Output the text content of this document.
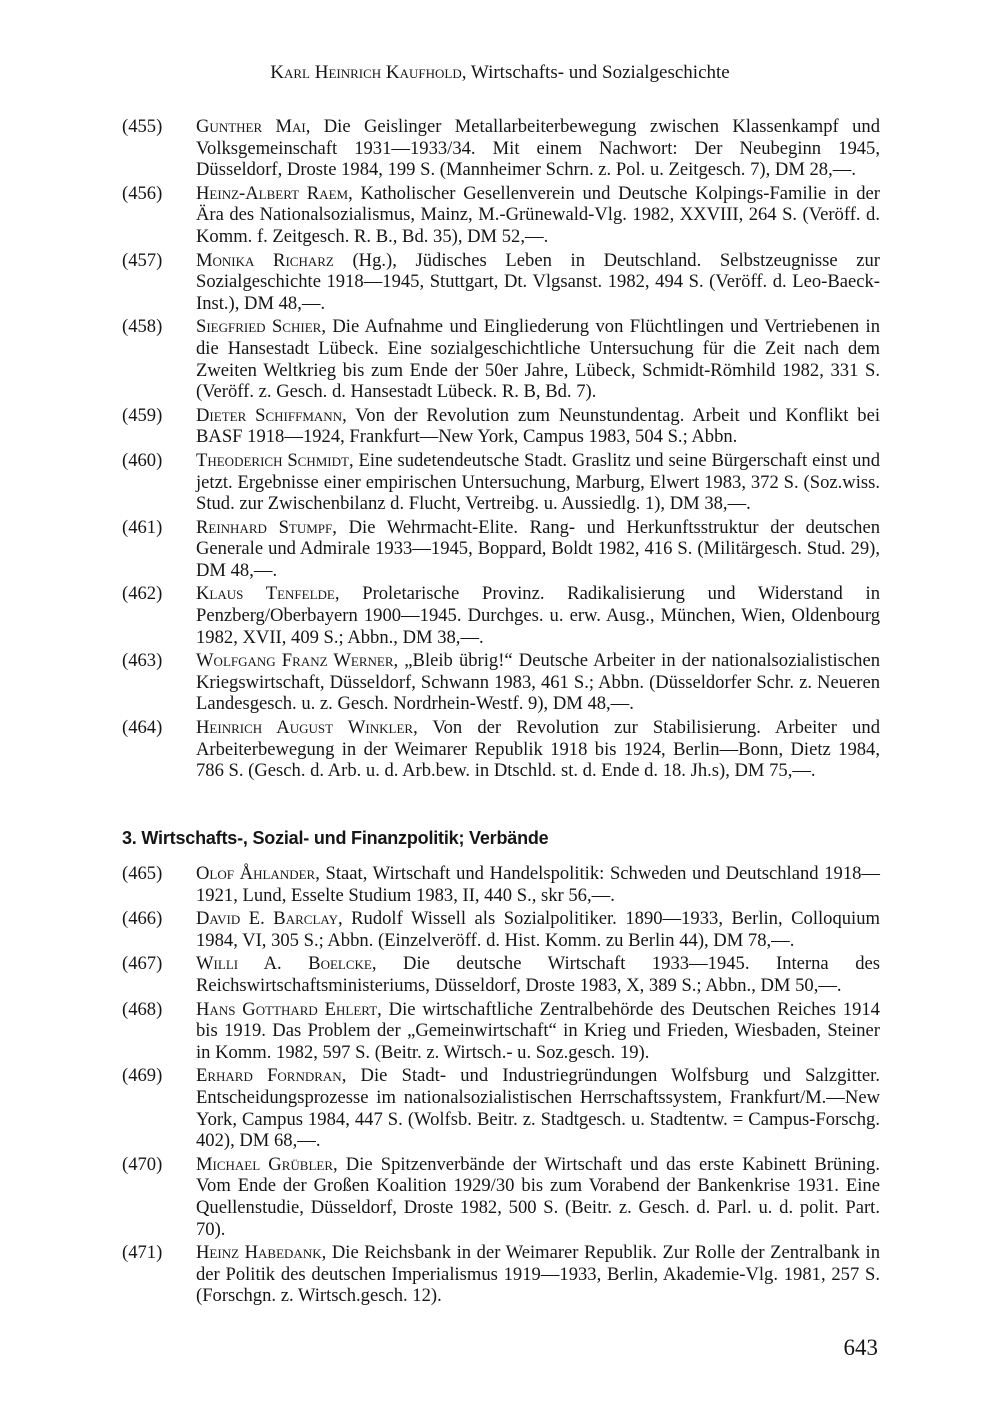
Karl Heinrich Kaufhold, Wirtschafts- und Sozialgeschichte

(455) Gunther Mai, Die Geislinger Metallarbeiterbewegung zwischen Klassenkampf und Volksgemeinschaft 1931—1933/34. Mit einem Nachwort: Der Neubeginn 1945, Düsseldorf, Droste 1984, 199 S. (Mannheimer Schrn. z. Pol. u. Zeitgesch. 7), DM 28,—.

(456) Heinz-Albert Raem, Katholischer Gesellenverein und Deutsche Kolpings-Familie in der Ära des Nationalsozialismus, Mainz, M.-Grünewald-Vlg. 1982, XXVIII, 264 S. (Veröff. d. Komm. f. Zeitgesch. R. B., Bd. 35), DM 52,—.

(457) Monika Richarz (Hg.), Jüdisches Leben in Deutschland. Selbstzeugnisse zur Sozialgeschichte 1918—1945, Stuttgart, Dt. Vlgsanst. 1982, 494 S. (Veröff. d. Leo-Baeck-Inst.), DM 48,—.

(458) Siegfried Schier, Die Aufnahme und Eingliederung von Flüchtlingen und Vertriebenen in die Hansestadt Lübeck. Eine sozialgeschichtliche Untersuchung für die Zeit nach dem Zweiten Weltkrieg bis zum Ende der 50er Jahre, Lübeck, Schmidt-Römhild 1982, 331 S. (Veröff. z. Gesch. d. Hansestadt Lübeck. R. B, Bd. 7).

(459) Dieter Schiffmann, Von der Revolution zum Neunstundentag. Arbeit und Konflikt bei BASF 1918—1924, Frankfurt—New York, Campus 1983, 504 S.; Abbn.

(460) Theoderich Schmidt, Eine sudetendeutsche Stadt. Graslitz und seine Bürgerschaft einst und jetzt. Ergebnisse einer empirischen Untersuchung, Marburg, Elwert 1983, 372 S. (Soz.wiss. Stud. zur Zwischenbilanz d. Flucht, Vertreibg. u. Aussiedlg. 1), DM 38,—.

(461) Reinhard Stumpf, Die Wehrmacht-Elite. Rang- und Herkunftsstruktur der deutschen Generale und Admirale 1933—1945, Boppard, Boldt 1982, 416 S. (Militärgesch. Stud. 29), DM 48,—.

(462) Klaus Tenfelde, Proletarische Provinz. Radikalisierung und Widerstand in Penzberg/Oberbayern 1900—1945. Durchges. u. erw. Ausg., München, Wien, Oldenbourg 1982, XVII, 409 S.; Abbn., DM 38,—.

(463) Wolfgang Franz Werner, „Bleib übrig!“ Deutsche Arbeiter in der nationalsozialistischen Kriegswirtschaft, Düsseldorf, Schwann 1983, 461 S.; Abbn. (Düsseldorfer Schr. z. Neueren Landesgesch. u. z. Gesch. Nordrhein-Westf. 9), DM 48,—.

(464) Heinrich August Winkler, Von der Revolution zur Stabilisierung. Arbeiter und Arbeiterbewegung in der Weimarer Republik 1918 bis 1924, Berlin—Bonn, Dietz 1984, 786 S. (Gesch. d. Arb. u. d. Arb.bew. in Dtschld. st. d. Ende d. 18. Jh.s), DM 75,—.

3. Wirtschafts-, Sozial- und Finanzpolitik; Verbände

(465) Olof Åhlander, Staat, Wirtschaft und Handelspolitik: Schweden und Deutschland 1918—1921, Lund, Esselte Studium 1983, II, 440 S., skr 56,—.

(466) David E. Barclay, Rudolf Wissell als Sozialpolitiker. 1890—1933, Berlin, Colloquium 1984, VI, 305 S.; Abbn. (Einzelveröff. d. Hist. Komm. zu Berlin 44), DM 78,—.

(467) Willi A. Boelcke, Die deutsche Wirtschaft 1933—1945. Interna des Reichswirtschaftsministeriums, Düsseldorf, Droste 1983, X, 389 S.; Abbn., DM 50,—.

(468) Hans Gotthard Ehlert, Die wirtschaftliche Zentralbehörde des Deutschen Reiches 1914 bis 1919. Das Problem der „Gemeinwirtschaft“ in Krieg und Frieden, Wiesbaden, Steiner in Komm. 1982, 597 S. (Beitr. z. Wirtsch.- u. Soz.gesch. 19).

(469) Erhard Forndran, Die Stadt- und Industriegründungen Wolfsburg und Salzgitter. Entscheidungsprozesse im nationalsozialistischen Herrschaftssystem, Frankfurt/M.—New York, Campus 1984, 447 S. (Wolfsb. Beitr. z. Stadtgesch. u. Stadtentw. = Campus-Forschg. 402), DM 68,—.

(470) Michael Grübler, Die Spitzenverbände der Wirtschaft und das erste Kabinett Brüning. Vom Ende der Großen Koalition 1929/30 bis zum Vorabend der Bankenkrise 1931. Eine Quellenstudie, Düsseldorf, Droste 1982, 500 S. (Beitr. z. Gesch. d. Parl. u. d. polit. Part. 70).

(471) Heinz Habedank, Die Reichsbank in der Weimarer Republik. Zur Rolle der Zentralbank in der Politik des deutschen Imperialismus 1919—1933, Berlin, Akademie-Vlg. 1981, 257 S. (Forschgn. z. Wirtsch.gesch. 12).

643
